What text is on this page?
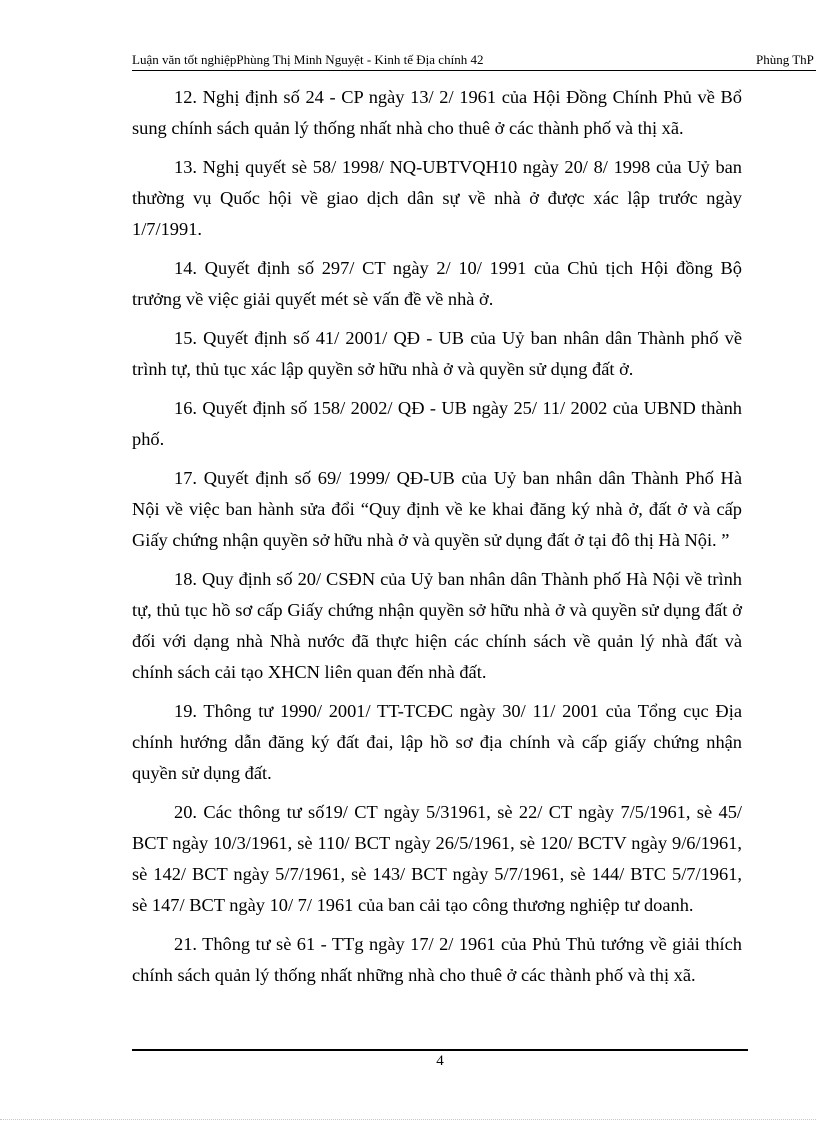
Luận văn tốt nghiệpPhùng Thị Minh Nguyệt - Kinh tế Địa chính 42	Phùng ThP

12. Nghị định số 24 - CP ngày 13/ 2/ 1961 của Hội Đồng Chính Phủ về Bổ sung chính sách quản lý thống nhất nhà cho thuê ở các thành phố và thị xã.

13. Nghị quyết sè 58/ 1998/ NQ-UBTVQH10 ngày 20/ 8/ 1998 của Uỷ ban thường vụ Quốc hội về giao dịch dân sự về nhà ở được xác lập trước ngày 1/7/1991.

14. Quyết định số 297/ CT ngày 2/ 10/ 1991 của Chủ tịch Hội đồng Bộ trưởng về việc giải quyết mét sè vấn đề về nhà ở.

15. Quyết định số 41/ 2001/ QĐ - UB của Uỷ ban nhân dân Thành phố về trình tự, thủ tục xác lập quyền sở hữu nhà ở và quyền sử dụng đất ở.

16. Quyết định số 158/ 2002/ QĐ - UB ngày 25/ 11/ 2002 của UBND thành phố.

17. Quyết định số 69/ 1999/ QĐ-UB của Uỷ ban nhân dân Thành Phố Hà Nội về việc ban hành sửa đổi “Quy định về ke khai đăng ký nhà ở, đất ở và cấp Giấy chứng nhận quyền sở hữu nhà ở và quyền sử dụng đất ở tại đô thị Hà Nội. ”

18. Quy định số 20/ CSĐN của Uỷ ban nhân dân Thành phố Hà Nội về trình tự, thủ tục hồ sơ cấp Giấy chứng nhận quyền sở hữu nhà ở và quyền sử dụng đất ở đối với dạng nhà Nhà nước đã thực hiện các chính sách về quản lý nhà đất và chính sách cải tạo XHCN liên quan đến nhà đất.

19. Thông tư 1990/ 2001/ TT-TCĐC ngày 30/ 11/ 2001 của Tổng cục Địa chính hướng dẫn đăng ký đất đai, lập hồ sơ địa chính và cấp giấy chứng nhận quyền sử dụng đất.

20. Các thông tư số19/ CT ngày 5/31961, sè 22/ CT ngày 7/5/1961, sè 45/ BCT ngày 10/3/1961, sè 110/ BCT ngày 26/5/1961, sè 120/ BCTV ngày 9/6/1961, sè 142/ BCT ngày 5/7/1961, sè 143/ BCT ngày 5/7/1961, sè 144/ BTC 5/7/1961, sè 147/ BCT ngày 10/ 7/ 1961 của ban cải tạo công thương nghiệp tư doanh.

21. Thông tư sè 61 - TTg ngày 17/ 2/ 1961 của Phủ Thủ tướng về giải thích chính sách quản lý thống nhất những nhà cho thuê ở các thành phố và thị xã.

4
